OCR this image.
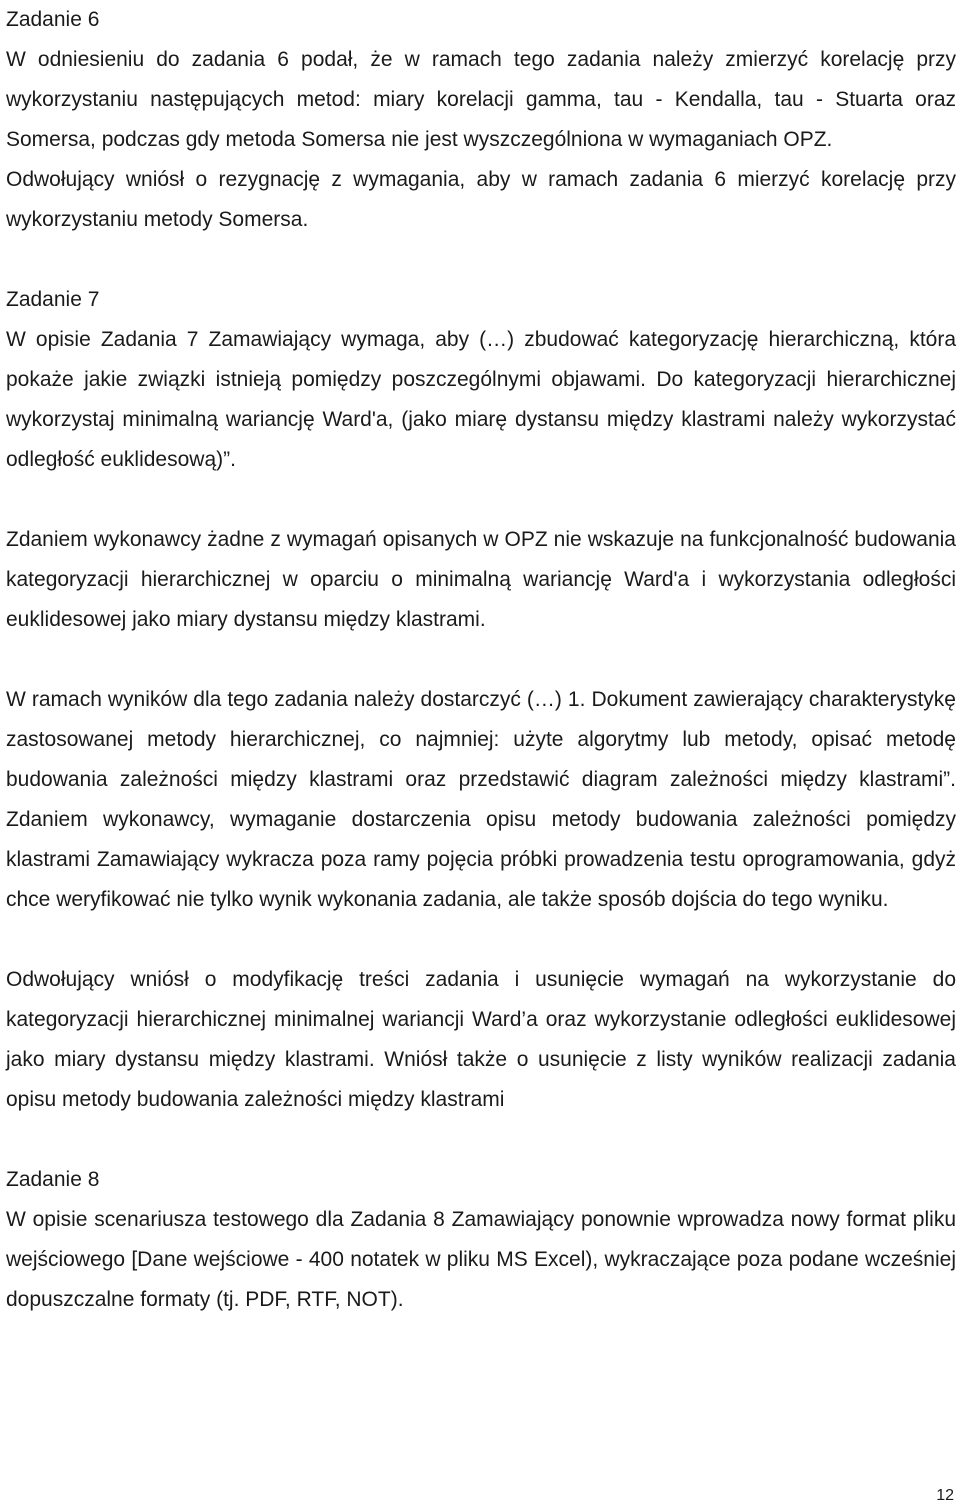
Zadanie 6

W odniesieniu do zadania 6 podał, że w ramach tego zadania należy zmierzyć korelację przy wykorzystaniu następujących metod: miary korelacji gamma, tau - Kendalla, tau - Stuarta oraz Somersa, podczas gdy metoda Somersa nie jest wyszczególniona w wymaganiach OPZ.

Odwołujący wniósł o rezygnację z wymagania, aby w ramach zadania 6 mierzyć korelację przy wykorzystaniu metody Somersa.

Zadanie 7

W opisie Zadania 7 Zamawiający wymaga, aby (…) zbudować kategoryzację hierarchiczną, która pokaże jakie związki istnieją pomiędzy poszczególnymi objawami. Do kategoryzacji hierarchicznej wykorzystaj minimalną wariancję Ward'a, (jako miarę dystansu między klastrami należy wykorzystać odległość euklidesową)”.

Zdaniem wykonawcy żadne z wymagań opisanych w OPZ nie wskazuje na funkcjonalność budowania kategoryzacji hierarchicznej w oparciu o minimalną wariancję Ward'a i wykorzystania odległości euklidesowej jako miary dystansu między klastrami.

W ramach wyników dla tego zadania należy dostarczyć (…) 1. Dokument zawierający charakterystykę zastosowanej metody hierarchicznej, co najmniej: użyte algorytmy lub metody, opisać metodę budowania zależności między klastrami oraz przedstawić diagram zależności między klastrami”. Zdaniem wykonawcy, wymaganie dostarczenia opisu metody budowania zależności pomiędzy klastrami Zamawiający wykracza poza ramy pojęcia próbki prowadzenia testu oprogramowania, gdyż chce weryfikować nie tylko wynik wykonania zadania, ale także sposób dojścia do tego wyniku.

Odwołujący wniósł o modyfikację treści zadania i usunięcie wymagań na wykorzystanie do kategoryzacji hierarchicznej minimalnej wariancji Ward’a oraz wykorzystanie odległości euklidesowej jako miary dystansu między klastrami. Wniósł także o usunięcie z listy wyników realizacji zadania opisu metody budowania zależności między klastrami

Zadanie 8

W opisie scenariusza testowego dla Zadania 8 Zamawiający ponownie wprowadza nowy format pliku wejściowego [Dane wejściowe - 400 notatek w pliku MS Excel), wykraczające poza podane wcześniej dopuszczalne formaty (tj. PDF, RTF, NOT).

12
